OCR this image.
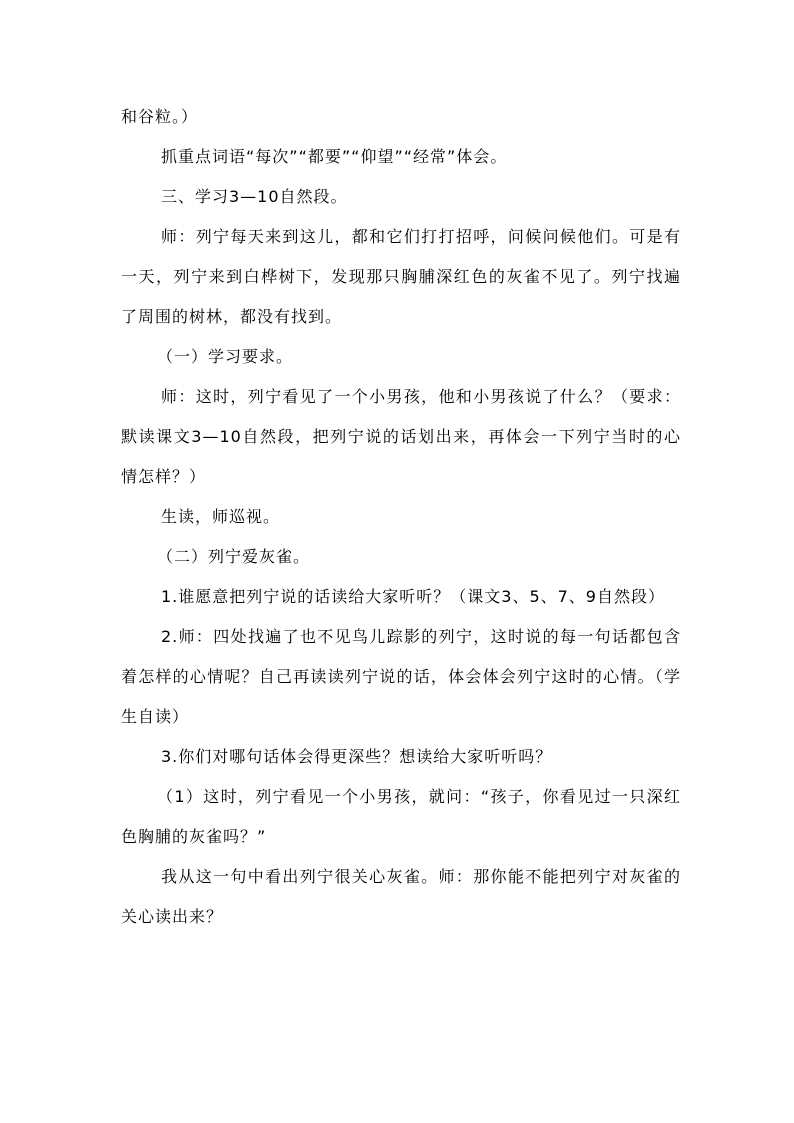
和谷粒。）

抓重点词语“每次”“都要”“仰望”“经常”体会。

三、学习3—10自然段。

师：列宁每天来到这儿，都和它们打打招呼，问候问候他们。可是有一天，列宁来到白桦树下，发现那只胸脯深红色的灰雀不见了。列宁找遍了周围的树林，都没有找到。

（一）学习要求。

师：这时，列宁看见了一个小男孩，他和小男孩说了什么？（要求：默读课文3—10自然段，把列宁说的话划出来，再体会一下列宁当时的心情怎样？）

生读，师巡视。

（二）列宁爱灰雀。

1.谁愿意把列宁说的话读给大家听听？（课文3、5、7、9自然段）

2.师：四处找遍了也不见鸟儿踪影的列宁，这时说的每一句话都包含着怎样的心情呢？自己再读读列宁说的话，体会体会列宁这时的心情。（学生自读）

3.你们对哪句话体会得更深些？想读给大家听听吗？

（1）这时，列宁看见一个小男孩，就问：“孩子，你看见过一只深红色胸脯的灰雀吗？”

我从这一句中看出列宁很关心灰雀。师：那你能不能把列宁对灰雀的关心读出来？
